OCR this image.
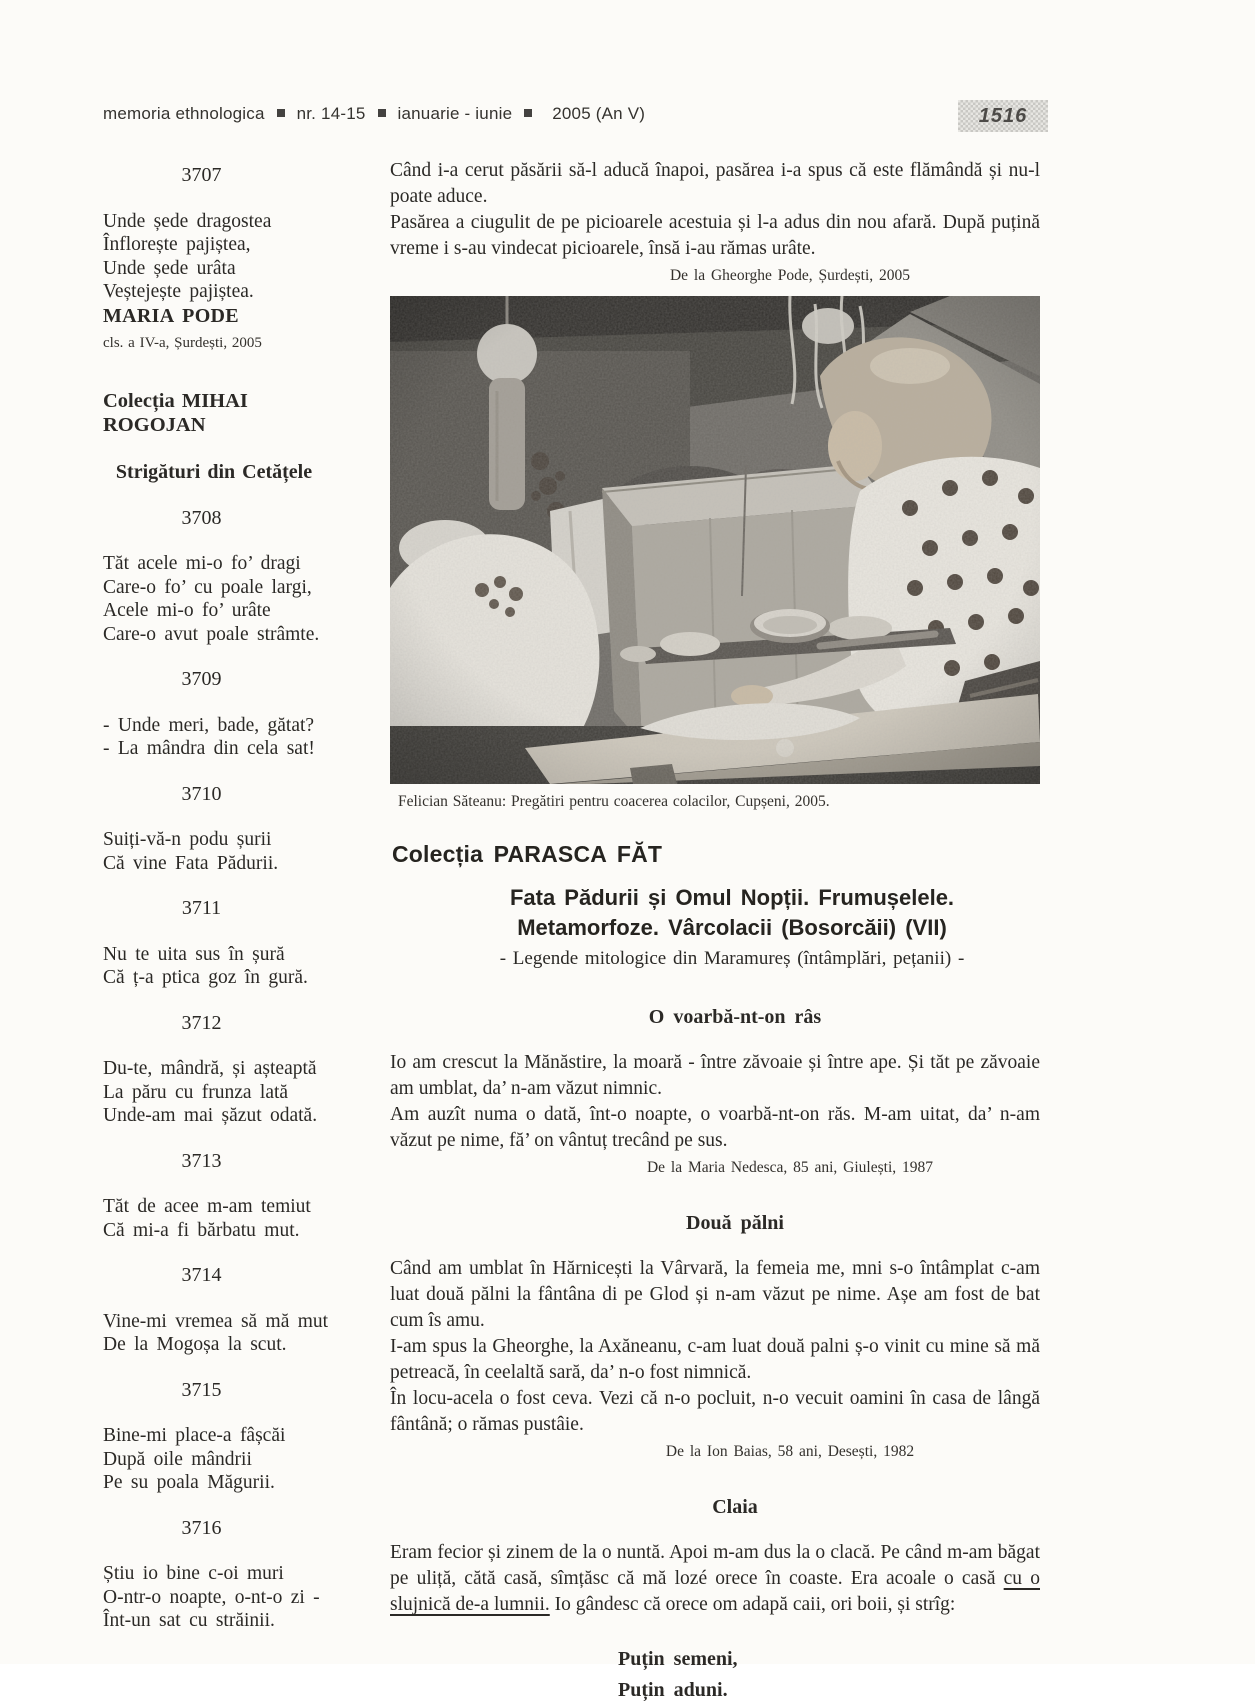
memoria ethnologica nr. 14-15 ianuarie - iunie 2005 (An V)	1516
3707
Unde șede dragostea
Înflorește pajiștea,
Unde șede urâta
Veștejește pajiștea.
MARIA PODE
cls. a IV-a, Șurdești, 2005
Colecția MIHAI ROGOJAN
Strigături din Cetățele
3708
Tăt acele mi-o fo’ dragi
Care-o fo’ cu poale largi,
Acele mi-o fo’ urâte
Care-o avut poale strâmte.
3709
- Unde meri, bade, gătat?
- La mândra din cela sat!
3710
Suiți-vă-n podu șurii
Că vine Fata Pădurii.
3711
Nu te uita sus în șură
Că ț-a ptica goz în gură.
3712
Du-te, mândră, și așteaptă
La păru cu frunza lată
Unde-am mai șăzut odată.
3713
Tăt de acee m-am temiut
Că mi-a fi bărbatu mut.
3714
Vine-mi vremea să mă mut
De la Mogoșa la scut.
3715
Bine-mi place-a fâșcăi
După oile mândrii
Pe su poala Măgurii.
3716
Știu io bine c-oi muri
O-ntr-o noapte, o-nt-o zi -
Înt-un sat cu străinii.

Când i-a cerut păsării să-l aducă înapoi, pasărea i-a spus că este flămândă și nu-l poate aduce.

Pasărea a ciugulit de pe picioarele acestuia și l-a adus din nou afară. După puțină vreme i s-au vindecat picioarele, însă i-au rămas urâte.

De la Gheorghe Pode, Șurdești, 2005
Felician Săteanu: Pregătiri pentru coacerea colacilor, Cupșeni, 2005.
Colecția PARASCA FĂT
Fata Pădurii și Omul Nopții. Frumușelele.
Metamorfoze. Vârcolacii (Bosorcăii) (VII)
- Legende mitologice din Maramureș (întâmplări, pețanii) -
O voarbă-nt-on râs

Io am crescut la Mănăstire, la moară - între zăvoaie și între ape. Și tăt pe zăvoaie am umblat, da’ n-am văzut nimnic.

Am auzît numa o dată, înt-o noapte, o voarbă-nt-on răs. M-am uitat, da’ n-am văzut pe nime, fă’ on vântuț trecând pe sus.

De la Maria Nedesca, 85 ani, Giulești, 1987
Două pălni

Când am umblat în Hărnicești la Vârvară, la femeia me, mni s-o întâmplat c-am luat două pălni la fântâna di pe Glod și n-am văzut pe nime. Așe am fost de bat cum îs amu.

I-am spus la Gheorghe, la Axăneanu, c-am luat două palni ș-o vinit cu mine să mă petreacă, în ceelaltă sară, da’ n-o fost nimnică.

În locu-acela o fost ceva. Vezi că n-o pocluit, n-o vecuit oamini în casa de lângă fântână; o rămas pustâie.

De la Ion Baias, 58 ani, Desești, 1982
Claia

Eram fecior și zinem de la o nuntă. Apoi m-am dus la o clacă. Pe când m-am băgat pe uliță, cătă casă, sîmțăsc că mă lozé orece în coaste. Era acoale o casă cu o slujnică de-a lumnii. Io gândesc că orece om adapă caii, ori boii, și strîg:

Puțin semeni,
Puțin aduni.
